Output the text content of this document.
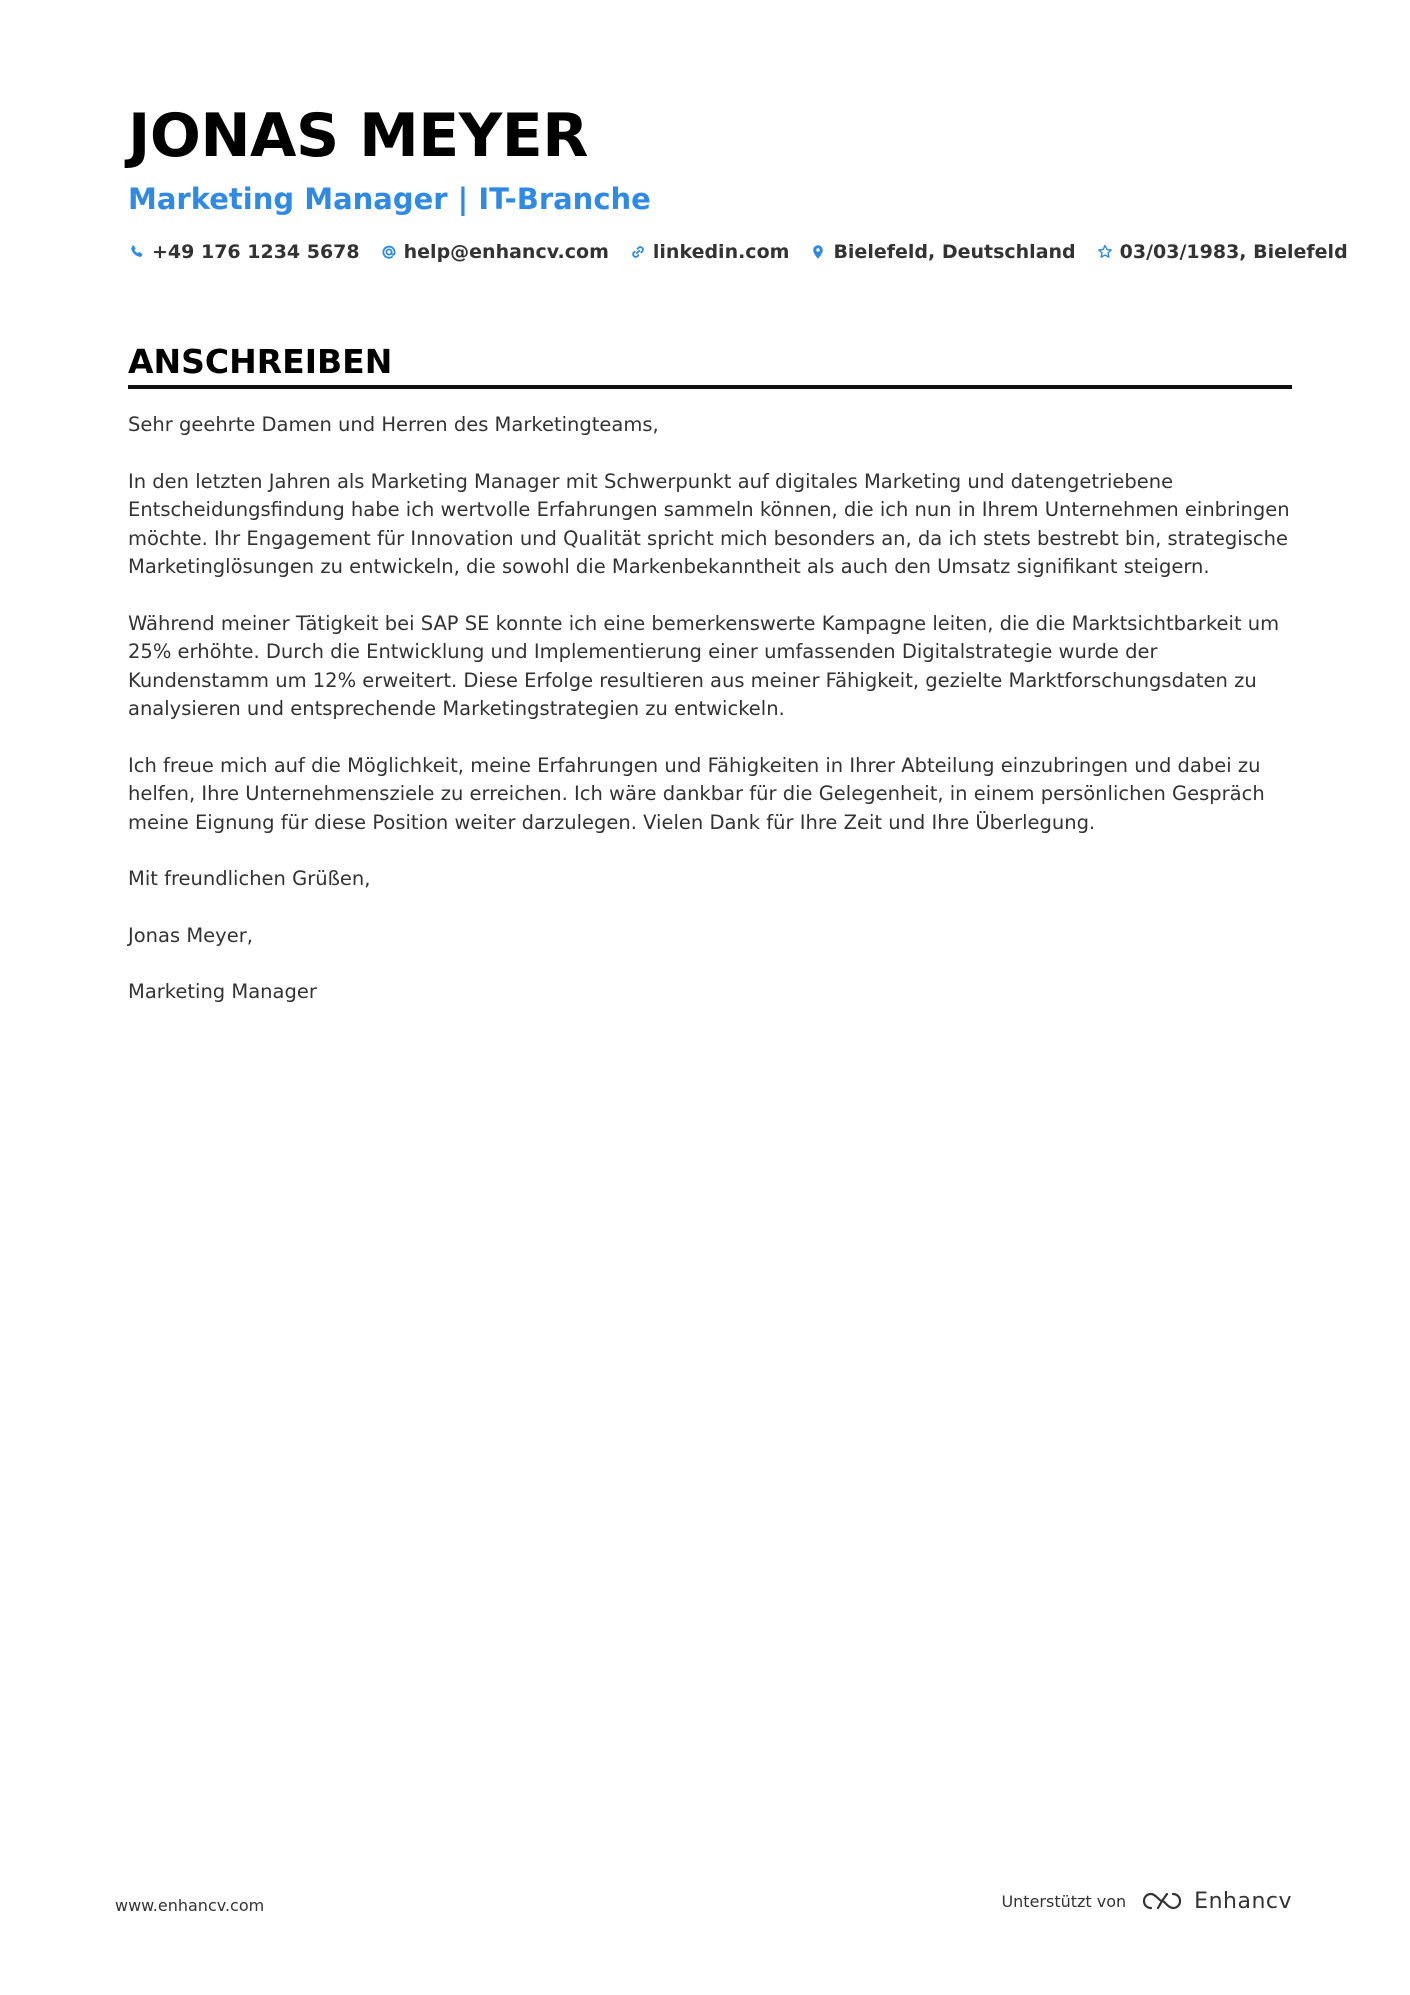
JONAS MEYER
Marketing Manager | IT-Branche
+49 176 1234 5678 help@enhancv.com linkedin.com Bielefeld, Deutschland 03/03/1983, Bielefeld
ANSCHREIBEN

Sehr geehrte Damen und Herren des Marketingteams,

In den letzten Jahren als Marketing Manager mit Schwerpunkt auf digitales Marketing und datengetriebene Entscheidungsfindung habe ich wertvolle Erfahrungen sammeln können, die ich nun in Ihrem Unternehmen einbringen möchte. Ihr Engagement für Innovation und Qualität spricht mich besonders an, da ich stets bestrebt bin, strategische Marketinglösungen zu entwickeln, die sowohl die Markenbekanntheit als auch den Umsatz signifikant steigern.

Während meiner Tätigkeit bei SAP SE konnte ich eine bemerkenswerte Kampagne leiten, die die Marktsichtbarkeit um 25% erhöhte. Durch die Entwicklung und Implementierung einer umfassenden Digitalstrategie wurde der Kundenstamm um 12% erweitert. Diese Erfolge resultieren aus meiner Fähigkeit, gezielte Marktforschungsdaten zu analysieren und entsprechende Marketingstrategien zu entwickeln.

Ich freue mich auf die Möglichkeit, meine Erfahrungen und Fähigkeiten in Ihrer Abteilung einzubringen und dabei zu helfen, Ihre Unternehmensziele zu erreichen. Ich wäre dankbar für die Gelegenheit, in einem persönlichen Gespräch meine Eignung für diese Position weiter darzulegen. Vielen Dank für Ihre Zeit und Ihre Überlegung.

Mit freundlichen Grüßen,

Jonas Meyer,

Marketing Manager

www.enhancv.com	Unterstützt von	Enhancv
